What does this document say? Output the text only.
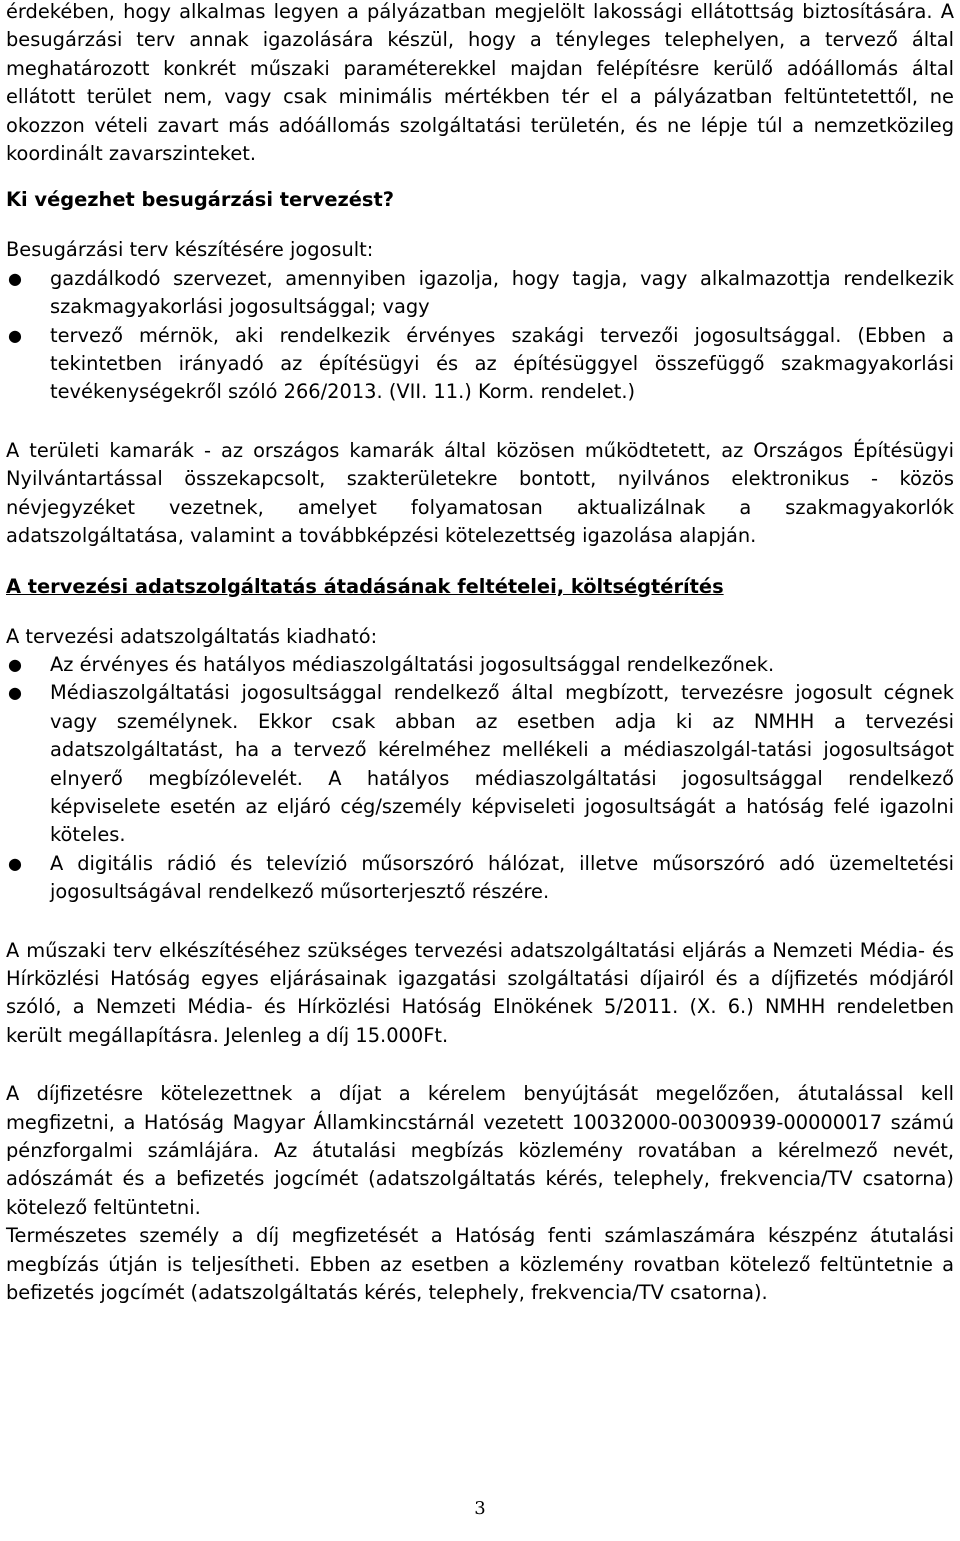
érdekében, hogy alkalmas legyen a pályázatban megjelölt lakossági ellátottság biztosítására. A besugárzási terv annak igazolására készül, hogy a tényleges telephelyen, a tervező által meghatározott konkrét műszaki paraméterekkel majdan felépítésre kerülő adóállomás által ellátott terület nem, vagy csak minimális mértékben tér el a pályázatban feltüntetettől, ne okozzon vételi zavart más adóállomás szolgáltatási területén, és ne lépje túl a nemzetközileg koordinált zavarszinteket.

Ki végezhet besugárzási tervezést?

Besugárzási terv készítésére jogosult:

● gazdálkodó szervezet, amennyiben igazolja, hogy tagja, vagy alkalmazottja rendelkezik szakmagyakorlási jogosultsággal; vagy
● tervező mérnök, aki rendelkezik érvényes szakági tervezői jogosultsággal. (Ebben a tekintetben irányadó az építésügyi és az építésüggyel összefüggő szakmagyakorlási tevékenységekről szóló 266/2013. (VII. 11.) Korm. rendelet.)

A területi kamarák - az országos kamarák által közösen működtetett, az Országos Építésügyi Nyilvántartással összekapcsolt, szakterületekre bontott, nyilvános elektronikus - közös névjegyzéket vezetnek, amelyet folyamatosan aktualizálnak a szakmagyakorlók adatszolgáltatása, valamint a továbbképzési kötelezettség igazolása alapján.

A tervezési adatszolgáltatás átadásának feltételei, költségtérítés

A tervezési adatszolgáltatás kiadható:

● Az érvényes és hatályos médiaszolgáltatási jogosultsággal rendelkezőnek.
● Médiaszolgáltatási jogosultsággal rendelkező által megbízott, tervezésre jogosult cégnek vagy személynek. Ekkor csak abban az esetben adja ki az NMHH a tervezési adatszolgáltatást, ha a tervező kérelméhez mellékeli a médiaszolgál-tatási jogosultságot elnyerő megbízólevelét. A hatályos médiaszolgáltatási jogosultsággal rendelkező képviselete esetén az eljáró cég/személy képviseleti jogosultságát a hatóság felé igazolni köteles.
● A digitális rádió és televízió műsorszóró hálózat, illetve műsorszóró adó üzemeltetési jogosultságával rendelkező műsorterjesztő részére.

A műszaki terv elkészítéséhez szükséges tervezési adatszolgáltatási eljárás a Nemzeti Média- és Hírközlési Hatóság egyes eljárásainak igazgatási szolgáltatási díjairól és a díjfizetés módjáról szóló, a Nemzeti Média- és Hírközlési Hatóság Elnökének 5/2011. (X. 6.) NMHH rendeletben került megállapításra. Jelenleg a díj 15.000Ft.

A díjfizetésre kötelezettnek a díjat a kérelem benyújtását megelőzően, átutalással kell megfizetni, a Hatóság Magyar Államkincstárnál vezetett 10032000-00300939-00000017 számú pénzforgalmi számlájára. Az átutalási megbízás közlemény rovatában a kérelmező nevét, adószámát és a befizetés jogcímét (adatszolgáltatás kérés, telephely, frekvencia/TV csatorna) kötelező feltüntetni.

Természetes személy a díj megfizetését a Hatóság fenti számlaszámára készpénz átutalási megbízás útján is teljesítheti. Ebben az esetben a közlemény rovatban kötelező feltüntetnie a befizetés jogcímét (adatszolgáltatás kérés, telephely, frekvencia/TV csatorna).

3
